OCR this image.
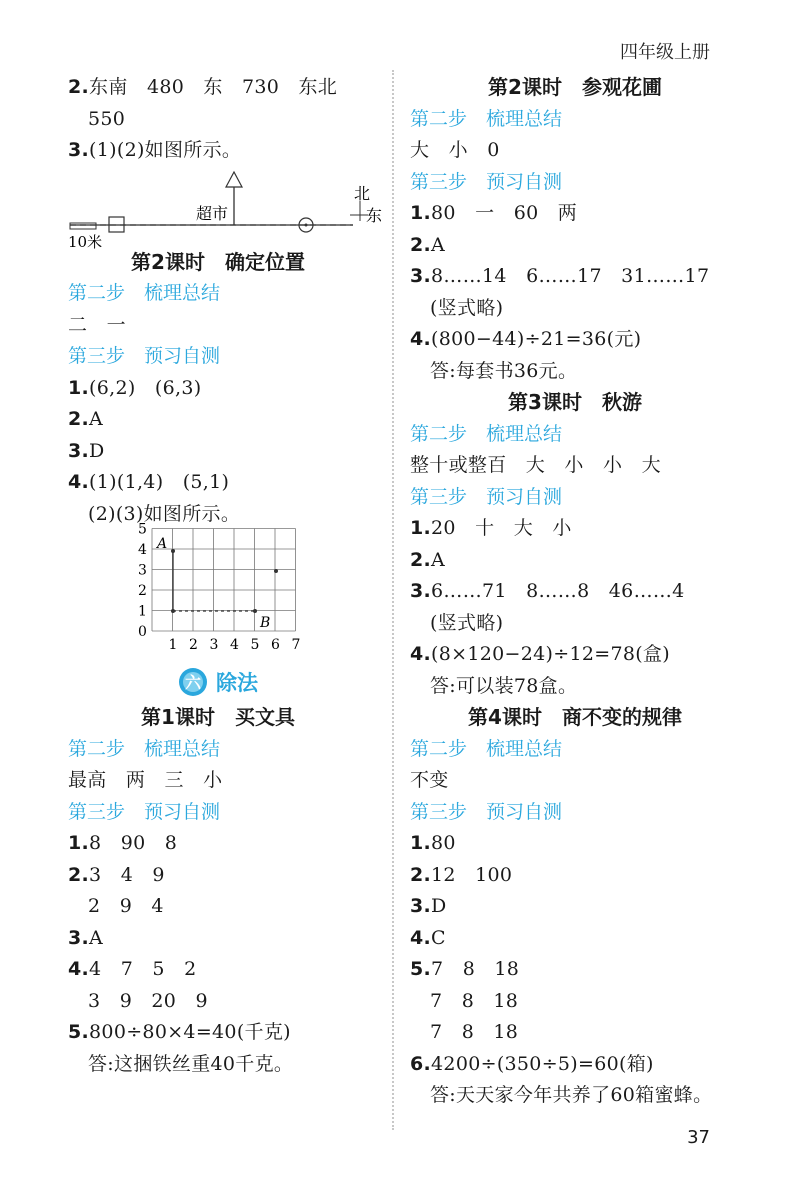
四年级上册
2.东南　480　东　730　东北
550
3.(1)(2)如图所示。
10米
超市
北
东
第2课时　确定位置
第二步　梳理总结
二　一
第三步　预习自测
1.(6,2)　(6,3)
2.A
3.D
4.(1)(1,4)　(5,1)
(2)(3)如图所示。
0
1
2
3
4
5
1 2 3 4 5 6 7
A
B
六 除法
第1课时　买文具
第二步　梳理总结
最高　两　三　小
第三步　预习自测
1.8　90　8
2.3　4　9
2　9　4
3.A
4.4　7　5　2
3　9　20　9
5.800÷80×4=40(千克)
答:这捆铁丝重40千克。
第2课时　参观花圃
第二步　梳理总结
大　小　0
第三步　预习自测
1.80　一　60　两
2.A
3.8……14　6……17　31……17
(竖式略)
4.(800−44)÷21=36(元)
答:每套书36元。
第3课时　秋游
第二步　梳理总结
整十或整百　大　小　小　大
第三步　预习自测
1.20　十　大　小
2.A
3.6……71　8……8　46……4
(竖式略)
4.(8×120−24)÷12=78(盒)
答:可以装78盒。
第4课时　商不变的规律
第二步　梳理总结
不变
第三步　预习自测
1.80
2.12　100
3.D
4.C
5.7　8　18
7　8　18
7　8　18
6.4200÷(350÷5)=60(箱)
答:天天家今年共养了60箱蜜蜂。
37
